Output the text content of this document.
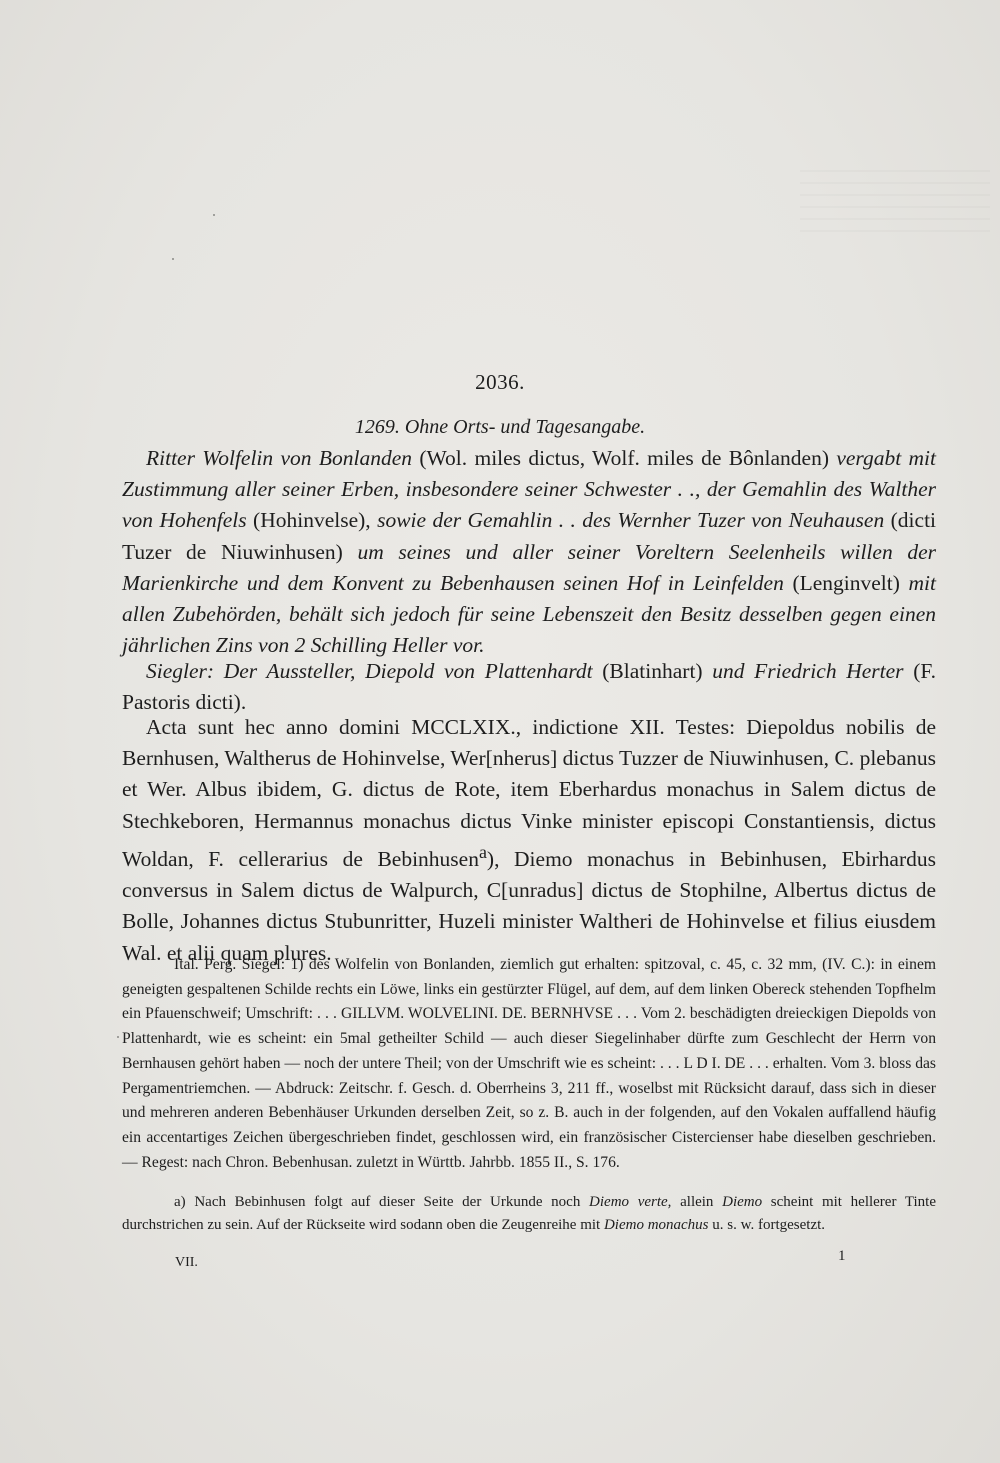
2036.
1269. Ohne Orts- und Tagesangabe.
Ritter Wolfelin von Bonlanden (Wol. miles dictus, Wolf. miles de Bônlanden) vergabt mit Zustimmung aller seiner Erben, insbesondere seiner Schwester . ., der Gemahlin des Walther von Hohenfels (Hohinvelse), sowie der Gemahlin . . des Wernher Tuzer von Neuhausen (dicti Tuzer de Niuwinhusen) um seines und aller seiner Voreltern Seelenheils willen der Marienkirche und dem Konvent zu Bebenhausen seinen Hof in Leinfelden (Lenginvelt) mit allen Zubehörden, behält sich jedoch für seine Lebenszeit den Besitz desselben gegen einen jährlichen Zins von 2 Schilling Heller vor.
Siegler: Der Aussteller, Diepold von Plattenhardt (Blatinhart) und Friedrich Herter (F. Pastoris dicti).
Acta sunt hec anno domini MCCLXIX., indictione XII. Testes: Diepoldus nobilis de Bernhusen, Waltherus de Hohinvelse, Wer[nherus] dictus Tuzzer de Niuwinhusen, C. plebanus et Wer. Albus ibidem, G. dictus de Rote, item Eberhardus monachus in Salem dictus de Stechkeboren, Hermannus monachus dictus Vinke minister episcopi Constantiensis, dictus Woldan, F. cellerarius de Bebinhusen$^a$), Diemo monachus in Bebinhusen, Ebirhardus conversus in Salem dictus de Walpurch, C[unradus] dictus de Stophilne, Albertus dictus de Bolle, Johannes dictus Stubunritter, Huzeli minister Waltheri de Hohinvelse et filius eiusdem Wal. et alii quam plures.
Ital. Perg. Siegel: 1) des Wolfelin von Bonlanden, ziemlich gut erhalten: spitzoval, c. 45, c. 32 mm, (IV. C.): in einem geneigten gespaltenen Schilde rechts ein Löwe, links ein gestürzter Flügel, auf dem, auf dem linken Obereck stehenden Topfhelm ein Pfauenschweif; Umschrift: . . . GILLVM. WOLVELINI. DE. BERNHVSE . . . Vom 2. beschädigten dreieckigen Diepolds von Plattenhardt, wie es scheint: ein 5mal getheilter Schild — auch dieser Siegelinhaber dürfte zum Geschlecht der Herrn von Bernhausen gehört haben — noch der untere Theil; von der Umschrift wie es scheint: . . . L D I. DE . . . erhalten. Vom 3. bloss das Pergamentriemchen. — Abdruck: Zeitschr. f. Gesch. d. Oberrheins 3, 211 ff., woselbst mit Rücksicht darauf, dass sich in dieser und mehreren anderen Bebenhäuser Urkunden derselben Zeit, so z. B. auch in der folgenden, auf den Vokalen auffallend häufig ein accentartiges Zeichen übergeschrieben findet, geschlossen wird, ein französischer Cistercienser habe dieselben geschrieben. — Regest: nach Chron. Bebenhusan. zuletzt in Württb. Jahrbb. 1855 II., S. 176.
a) Nach Bebinhusen folgt auf dieser Seite der Urkunde noch Diemo verte, allein Diemo scheint mit hellerer Tinte durchstrichen zu sein. Auf der Rückseite wird sodann oben die Zeugenreihe mit Diemo monachus u. s. w. fortgesetzt.
VII.	1
